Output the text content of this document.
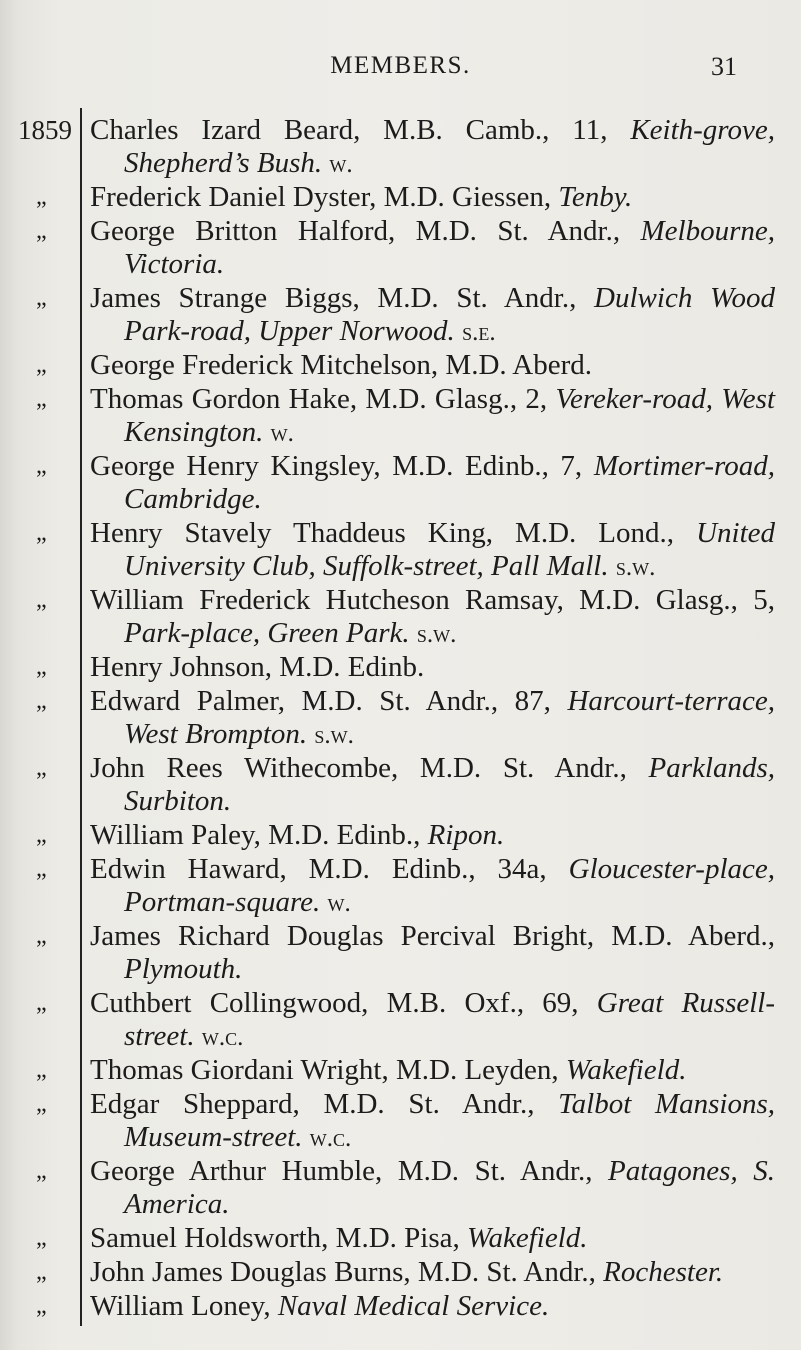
MEMBERS.	31
1859 Charles Izard Beard, M.B. Camb., 11, Keith-grove, Shepherd’s Bush. w.
„ Frederick Daniel Dyster, M.D. Giessen, Tenby.
„ George Britton Halford, M.D. St. Andr., Melbourne, Victoria.
„ James Strange Biggs, M.D. St. Andr., Dulwich Wood Park-road, Upper Norwood. s.e.
„ George Frederick Mitchelson, M.D. Aberd.
„ Thomas Gordon Hake, M.D. Glasg., 2, Vereker-road, West Kensington. w.
„ George Henry Kingsley, M.D. Edinb., 7, Mortimer-road, Cambridge.
„ Henry Stavely Thaddeus King, M.D. Lond., United University Club, Suffolk-street, Pall Mall. s.w.
„ William Frederick Hutcheson Ramsay, M.D. Glasg., 5, Park-place, Green Park. s.w.
„ Henry Johnson, M.D. Edinb.
„ Edward Palmer, M.D. St. Andr., 87, Harcourt-terrace, West Brompton. s.w.
„ John Rees Withecombe, M.D. St. Andr., Parklands, Surbiton.
„ William Paley, M.D. Edinb., Ripon.
„ Edwin Haward, M.D. Edinb., 34a, Gloucester-place, Portman-square. w.
„ James Richard Douglas Percival Bright, M.D. Aberd., Plymouth.
„ Cuthbert Collingwood, M.B. Oxf., 69, Great Russell-street. w.c.
„ Thomas Giordani Wright, M.D. Leyden, Wakefield.
„ Edgar Sheppard, M.D. St. Andr., Talbot Mansions, Museum-street. w.c.
„ George Arthur Humble, M.D. St. Andr., Patagones, S. America.
„ Samuel Holdsworth, M.D. Pisa, Wakefield.
„ John James Douglas Burns, M.D. St. Andr., Rochester.
„ William Loney, Naval Medical Service.
